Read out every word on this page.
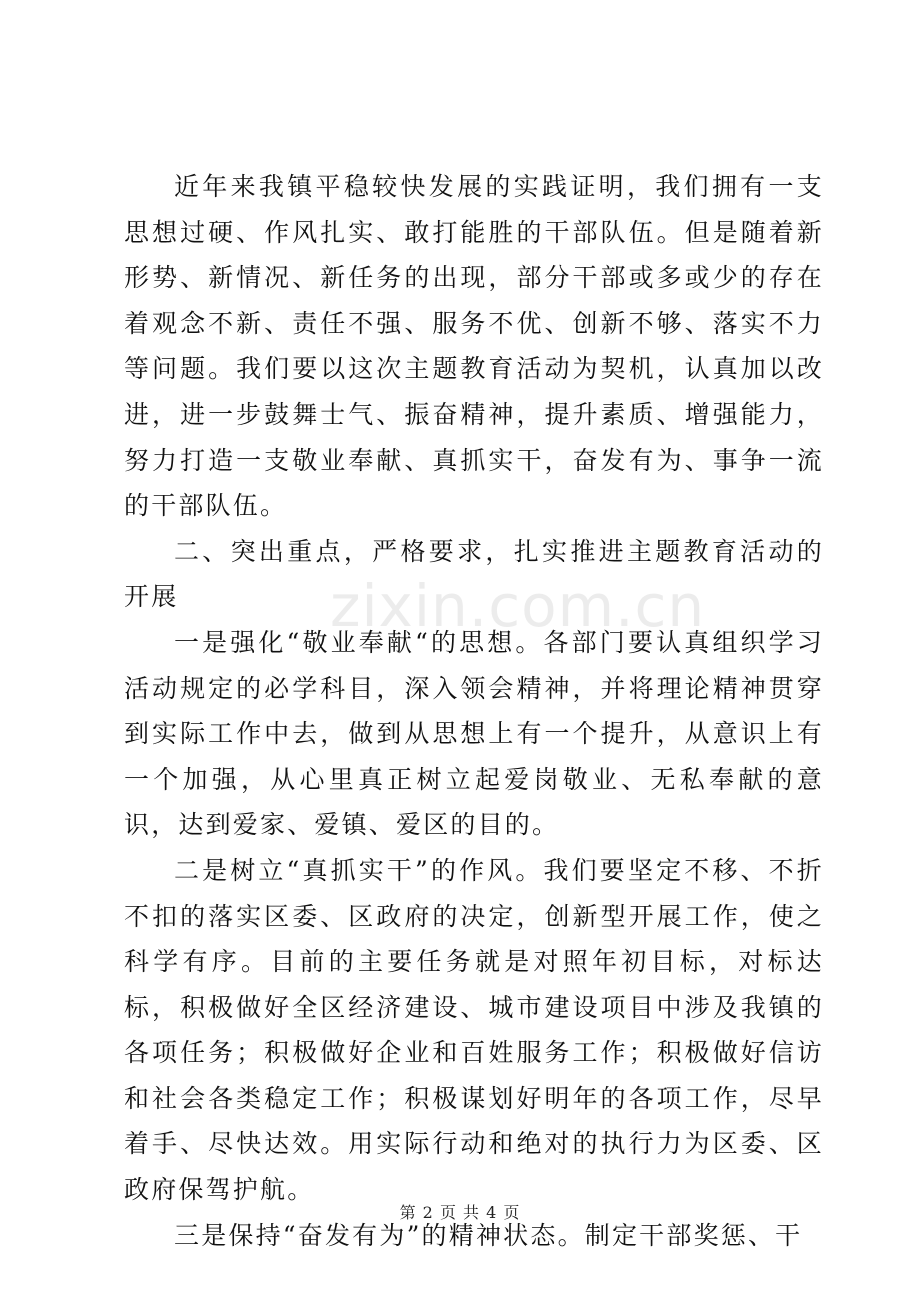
近年来我镇平稳较快发展的实践证明，我们拥有一支思想过硬、作风扎实、敢打能胜的干部队伍。但是随着新形势、新情况、新任务的出现，部分干部或多或少的存在着观念不新、责任不强、服务不优、创新不够、落实不力等问题。我们要以这次主题教育活动为契机，认真加以改进，进一步鼓舞士气、振奋精神，提升素质、增强能力，努力打造一支敬业奉献、真抓实干，奋发有为、事争一流的干部队伍。

二、突出重点，严格要求，扎实推进主题教育活动的开展

一是强化“敬业奉献“的思想。各部门要认真组织学习活动规定的必学科目，深入领会精神，并将理论精神贯穿到实际工作中去，做到从思想上有一个提升，从意识上有一个加强，从心里真正树立起爱岗敬业、无私奉献的意识，达到爱家、爱镇、爱区的目的。

二是树立“真抓实干”的作风。我们要坚定不移、不折不扣的落实区委、区政府的决定，创新型开展工作，使之科学有序。目前的主要任务就是对照年初目标，对标达标，积极做好全区经济建设、城市建设项目中涉及我镇的各项任务；积极做好企业和百姓服务工作；积极做好信访和社会各类稳定工作；积极谋划好明年的各项工作，尽早着手、尽快达效。用实际行动和绝对的执行力为区委、区政府保驾护航。

三是保持“奋发有为”的精神状态。制定干部奖惩、干

zixin.com.cn
第 2 页 共 4 页
